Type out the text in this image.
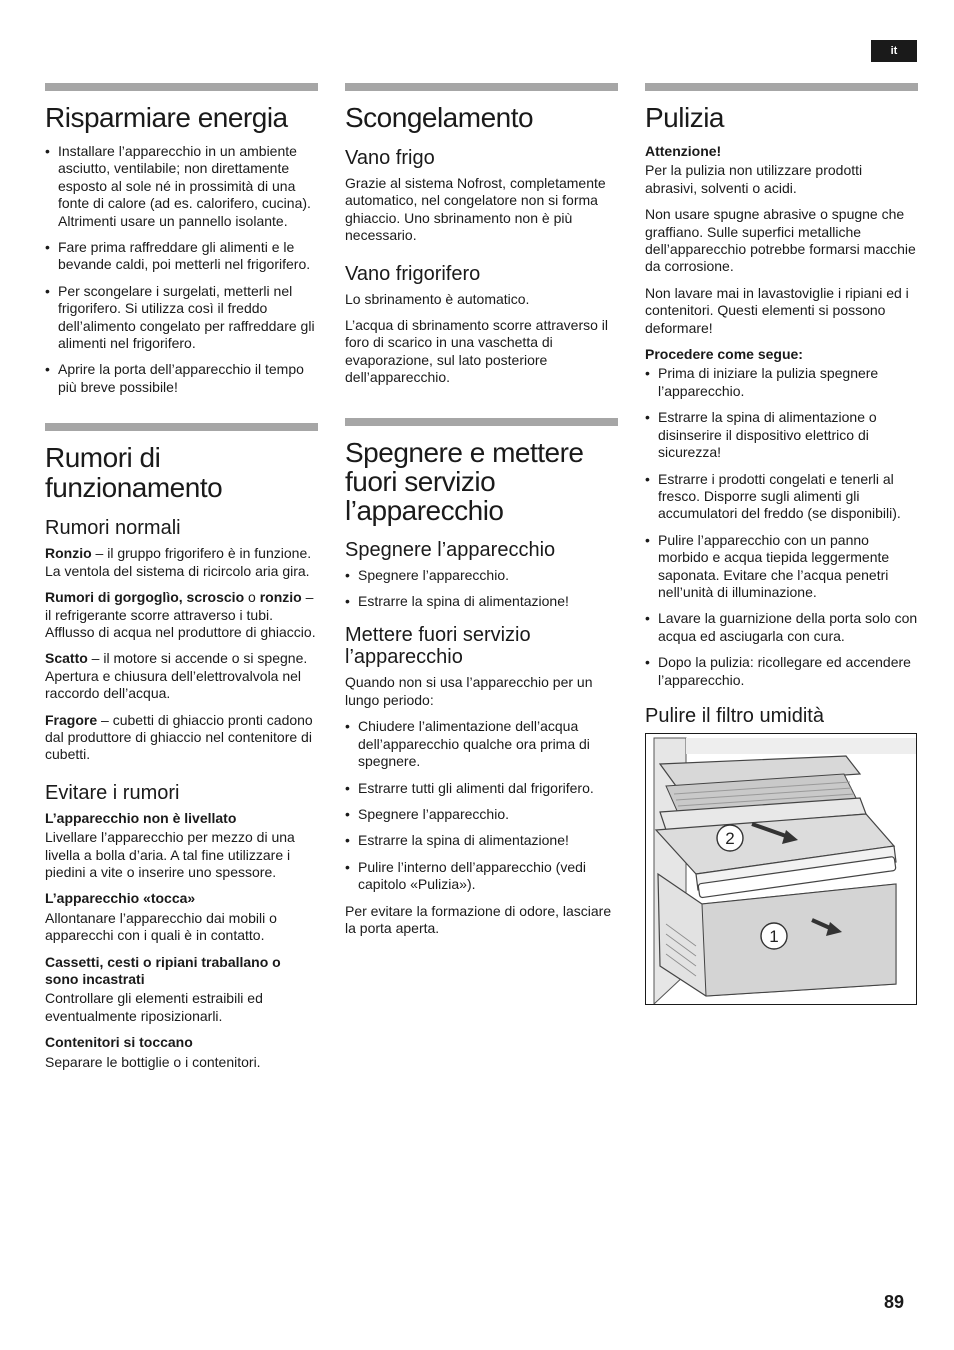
it
Risparmiare energia
• Installare l’apparecchio in un ambiente asciutto, ventilabile; non direttamente esposto al sole né in prossimità di una fonte di calore (ad es. calorifero, cucina). Altrimenti usare un pannello isolante.
• Fare prima raffreddare gli alimenti e le bevande caldi, poi metterli nel frigorifero.
• Per scongelare i surgelati, metterli nel frigorifero. Si utilizza così il freddo dell’alimento congelato per raffreddare gli alimenti nel frigorifero.
• Aprire la porta dell’apparecchio il tempo più breve possibile!
Rumori di funzionamento
Rumori normali

Ronzio – il gruppo frigorifero è in funzione. La ventola del sistema di ricircolo aria gira.

Rumori di gorgoglìo, scroscio o ronzio – il refrigerante scorre attraverso i tubi. Afflusso di acqua nel produttore di ghiaccio.

Scatto – il motore si accende o si spegne. Apertura e chiusura dell’elettrovalvola nel raccordo dell’acqua.

Fragore – cubetti di ghiaccio pronti cadono dal produttore di ghiaccio nel contenitore di cubetti.

Evitare i rumori

L’apparecchio non è livellato

Livellare l’apparecchio per mezzo di una livella a bolla d’aria. A tal fine utilizzare i piedini a vite o inserire uno spessore.

L’apparecchio «tocca»

Allontanare l’apparecchio dai mobili o apparecchi con i quali è in contatto.

Cassetti, cesti o ripiani traballano o sono incastrati

Controllare gli elementi estraibili ed eventualmente riposizionarli.

Contenitori si toccano

Separare le bottiglie o i contenitori.

Scongelamento
Vano frigo

Grazie al sistema Nofrost, completamente automatico, nel congelatore non si forma ghiaccio. Uno sbrinamento non è più necessario.

Vano frigorifero

Lo sbrinamento è automatico.

L’acqua di sbrinamento scorre attraverso il foro di scarico in una vaschetta di evaporazione, sul lato posteriore dell’apparecchio.

Spegnere e mettere fuori servizio l’apparecchio
Spegnere l’apparecchio
• Spegnere l’apparecchio.
• Estrarre la spina di alimentazione!
Mettere fuori servizio l’apparecchio

Quando non si usa l’apparecchio per un lungo periodo:

• Chiudere l’alimentazione dell’acqua dell’apparecchio qualche ora prima di spegnere.
• Estrarre tutti gli alimenti dal frigorifero.
• Spegnere l’apparecchio.
• Estrarre la spina di alimentazione!
• Pulire l’interno dell’apparecchio (vedi capitolo «Pulizia»).

Per evitare la formazione di odore, lasciare la porta aperta.

Pulizia

Attenzione!

Per la pulizia non utilizzare prodotti abrasivi, solventi o acidi.

Non usare spugne abrasive o spugne che graffiano. Sulle superfici metalliche dell’apparecchio potrebbe formarsi macchie da corrosione.

Non lavare mai in lavastoviglie i ripiani ed i contenitori. Questi elementi si possono deformare!

Procedere come segue:

• Prima di iniziare la pulizia spegnere l’apparecchio.
• Estrarre la spina di alimentazione o disinserire il dispositivo elettrico di sicurezza!
• Estrarre i prodotti congelati e tenerli al fresco. Disporre sugli alimenti gli accumulatori del freddo (se disponibili).
• Pulire l’apparecchio con un panno morbido e acqua tiepida leggermente saponata. Evitare che l’acqua penetri nell’unità di illuminazione.
• Lavare la guarnizione della porta solo con acqua ed asciugarla con cura.
• Dopo la pulizia: ricollegare ed accendere l’apparecchio.
Pulire il filtro umidità
2
1
89
